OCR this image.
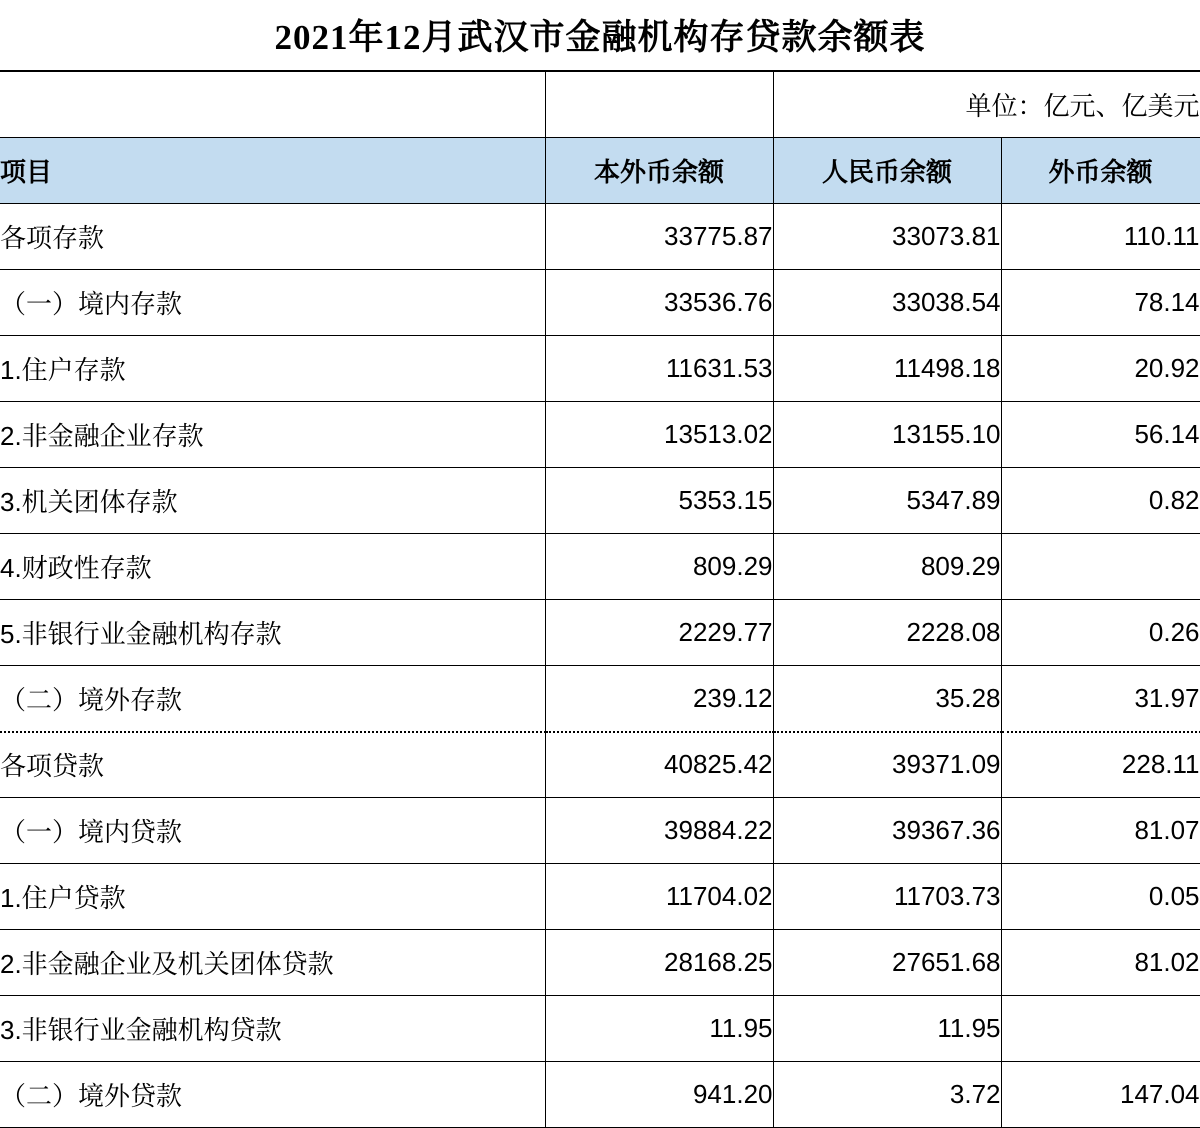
2021年12月武汉市金融机构存贷款余额表
		单位：亿元、亿美元	
项目	本外币余额	人民币余额	外币余额
各项存款	33775.87	33073.81	110.11
（一）境内存款	33536.76	33038.54	78.14
1.住户存款	11631.53	11498.18	20.92
2.非金融企业存款	13513.02	13155.10	56.14
3.机关团体存款	5353.15	5347.89	0.82
4.财政性存款	809.29	809.29	
5.非银行业金融机构存款	2229.77	2228.08	0.26
（二）境外存款	239.12	35.28	31.97
各项贷款	40825.42	39371.09	228.11
（一）境内贷款	39884.22	39367.36	81.07
1.住户贷款	11704.02	11703.73	0.05
2.非金融企业及机关团体贷款	28168.25	27651.68	81.02
3.非银行业金融机构贷款	11.95	11.95	
（二）境外贷款	941.20	3.72	147.04
